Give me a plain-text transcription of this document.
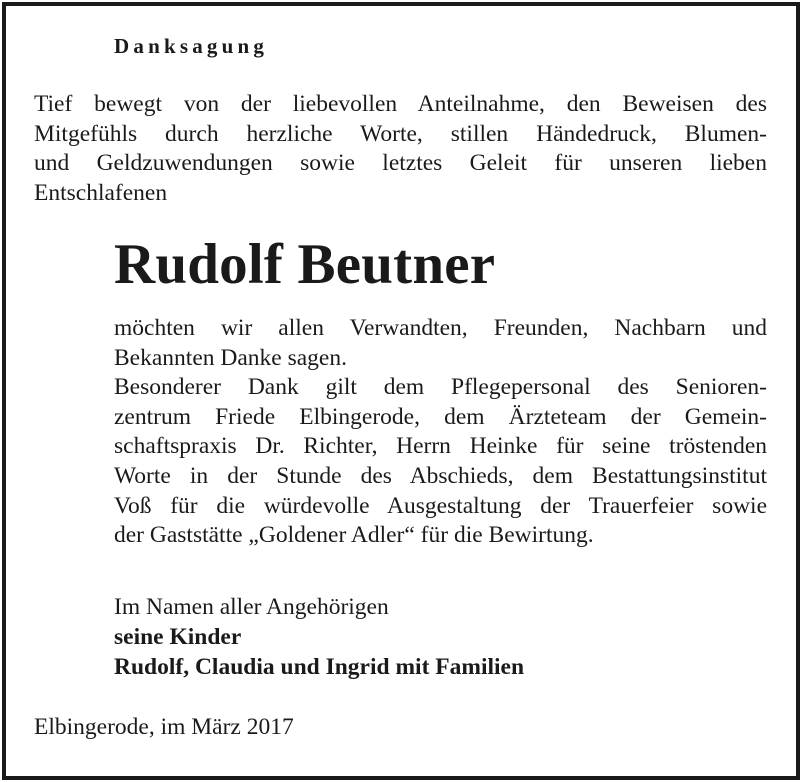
Danksagung
Tief bewegt von der liebevollen Anteilnahme, den Beweisen des
Mitgefühls durch herzliche Worte, stillen Händedruck, Blumen-
und Geldzuwendungen sowie letztes Geleit für unseren lieben
Entschlafenen
Rudolf Beutner
möchten wir allen Verwandten, Freunden, Nachbarn und
Bekannten Danke sagen.
Besonderer Dank gilt dem Pflegepersonal des Senioren-
zentrum Friede Elbingerode, dem Ärzteteam der Gemein-
schaftspraxis Dr. Richter, Herrn Heinke für seine tröstenden
Worte in der Stunde des Abschieds, dem Bestattungsinstitut
Voß für die würdevolle Ausgestaltung der Trauerfeier sowie
der Gaststätte „Goldener Adler“ für die Bewirtung.
Im Namen aller Angehörigen
seine Kinder
Rudolf, Claudia und Ingrid mit Familien
Elbingerode, im März 2017
